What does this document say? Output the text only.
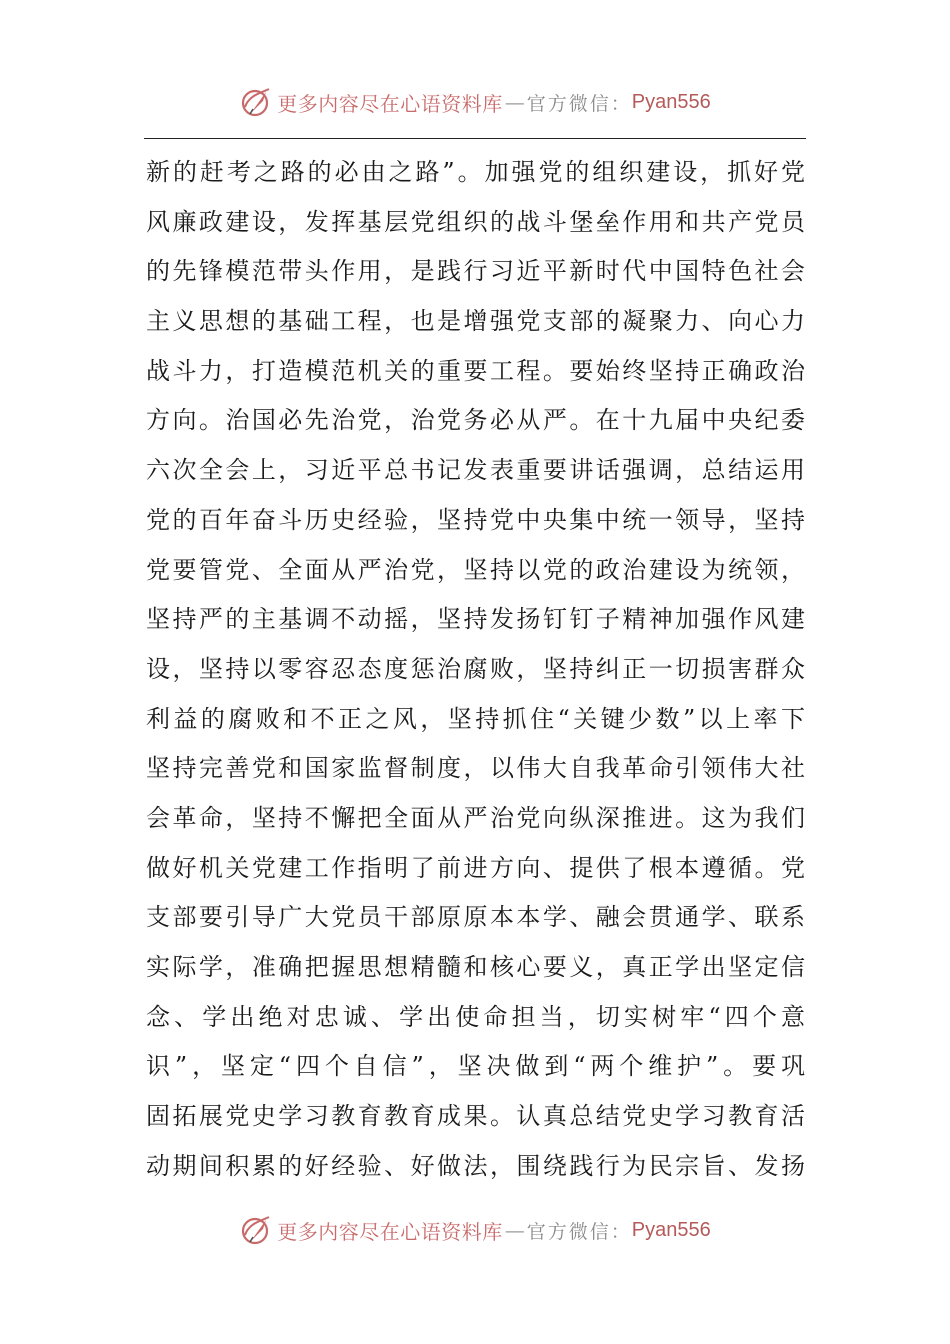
更多内容尽在心语资料库 — 官方微信： Pyan556
新的赶考之路的必由之路”。加强党的组织建设，抓好党
风廉政建设，发挥基层党组织的战斗堡垒作用和共产党员
的先锋模范带头作用，是践行习近平新时代中国特色社会
主义思想的基础工程，也是增强党支部的凝聚力、向心力
战斗力，打造模范机关的重要工程。要始终坚持正确政治
方向。治国必先治党，治党务必从严。在十九届中央纪委
六次全会上，习近平总书记发表重要讲话强调，总结运用
党的百年奋斗历史经验，坚持党中央集中统一领导，坚持
党要管党、全面从严治党，坚持以党的政治建设为统领，
坚持严的主基调不动摇，坚持发扬钉钉子精神加强作风建
设，坚持以零容忍态度惩治腐败，坚持纠正一切损害群众
利益的腐败和不正之风，坚持抓住“关键少数”以上率下
坚持完善党和国家监督制度，以伟大自我革命引领伟大社
会革命，坚持不懈把全面从严治党向纵深推进。这为我们
做好机关党建工作指明了前进方向、提供了根本遵循。党
支部要引导广大党员干部原原本本学、融会贯通学、联系
实际学，准确把握思想精髓和核心要义，真正学出坚定信
念、学出绝对忠诚、学出使命担当，切实树牢“四个意
识”，坚定“四个自信”，坚决做到“两个维护”。要巩
固拓展党史学习教育教育成果。认真总结党史学习教育活
动期间积累的好经验、好做法，围绕践行为民宗旨、发扬
更多内容尽在心语资料库 — 官方微信： Pyan556
